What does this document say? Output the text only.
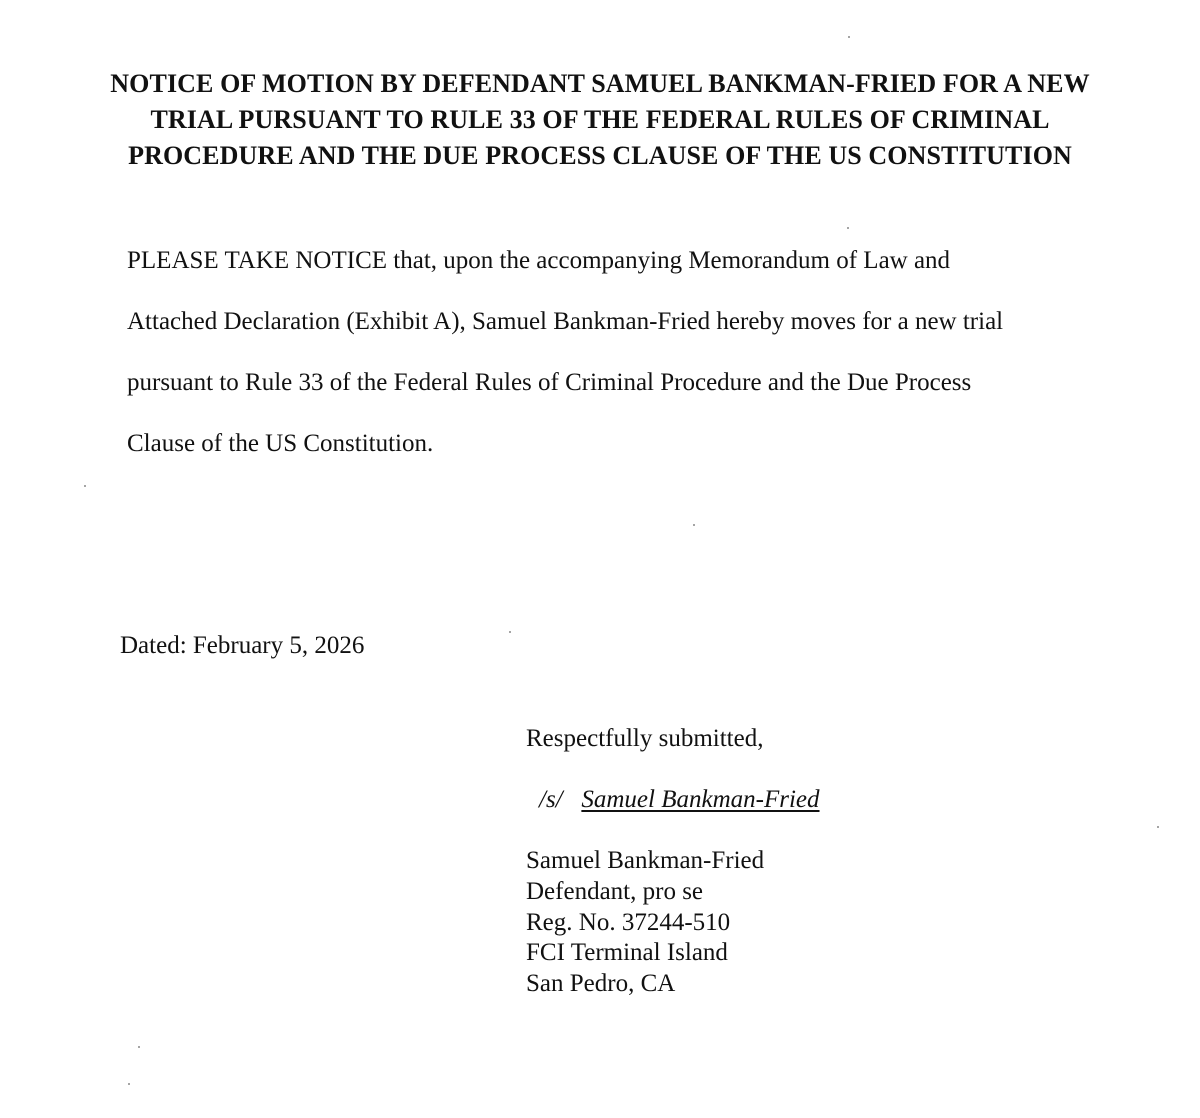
NOTICE OF MOTION BY DEFENDANT SAMUEL BANKMAN-FRIED FOR A NEW
TRIAL PURSUANT TO RULE 33 OF THE FEDERAL RULES OF CRIMINAL
PROCEDURE AND THE DUE PROCESS CLAUSE OF THE US CONSTITUTION
PLEASE TAKE NOTICE that, upon the accompanying Memorandum of Law and
Attached Declaration (Exhibit A), Samuel Bankman-Fried hereby moves for a new trial
pursuant to Rule 33 of the Federal Rules of Criminal Procedure and the Due Process
Clause of the US Constitution.
Dated: February 5, 2026
Respectfully submitted,
/s/ Samuel Bankman-Fried
Samuel Bankman-Fried
Defendant, pro se
Reg. No. 37244-510
FCI Terminal Island
San Pedro, CA
